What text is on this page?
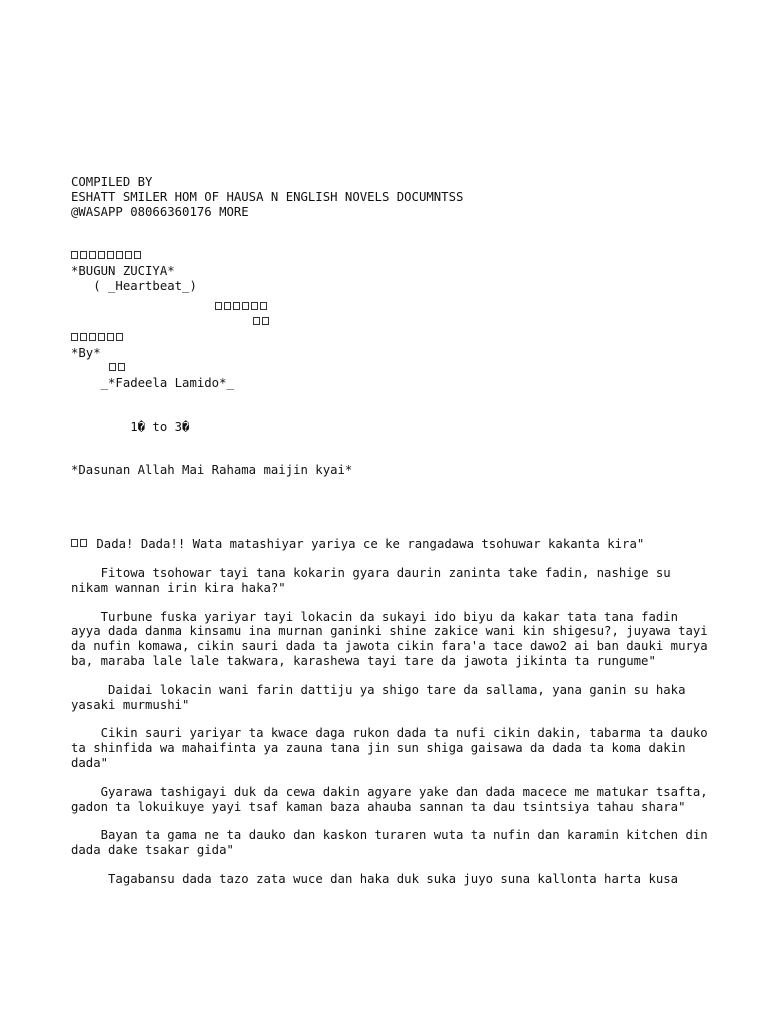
COMPILED BY
ESHATT SMILER HOM OF HAUSA N ENGLISH NOVELS DOCUMNTSS
@WASAPP 08066360176 MORE
*BUGUN ZUCIYA*
( _Heartbeat_)
*By*
_*Fadeela Lamido*_
1� to 3�
*Dasunan Allah Mai Rahama maijin kyai*
Dada! Dada!! Wata matashiyar yariya ce ke rangadawa tsohuwar kakanta kira"
Fitowa tsohowar tayi tana kokarin gyara daurin zaninta take fadin, nashige su nikam wannan irin kira haka?"
Turbune fuska yariyar tayi lokacin da sukayi ido biyu da kakar tata tana fadin ayya dada danma kinsamu ina murnan ganinki shine zakice wani kin shigesu?, juyawa tayi da nufin komawa, cikin sauri dada ta jawota cikin fara'a tace dawo2 ai ban dauki murya ba, maraba lale lale takwara, karashewa tayi tare da jawota jikinta ta rungume"
Daidai lokacin wani farin dattiju ya shigo tare da sallama, yana ganin su haka yasaki murmushi"
Cikin sauri yariyar ta kwace daga rukon dada ta nufi cikin dakin, tabarma ta dauko ta shinfida wa mahaifinta ya zauna tana jin sun shiga gaisawa da dada ta koma dakin dada"
Gyarawa tashigayi duk da cewa dakin agyare yake dan dada macece me matukar tsafta, gadon ta lokuikuye yayi tsaf kaman baza ahauba sannan ta dau tsintsiya tahau shara"
Bayan ta gama ne ta dauko dan kaskon turaren wuta ta nufin dan karamin kitchen din dada dake tsakar gida"
Tagabansu dada tazo zata wuce dan haka duk suka juyo suna kallonta harta kusa
